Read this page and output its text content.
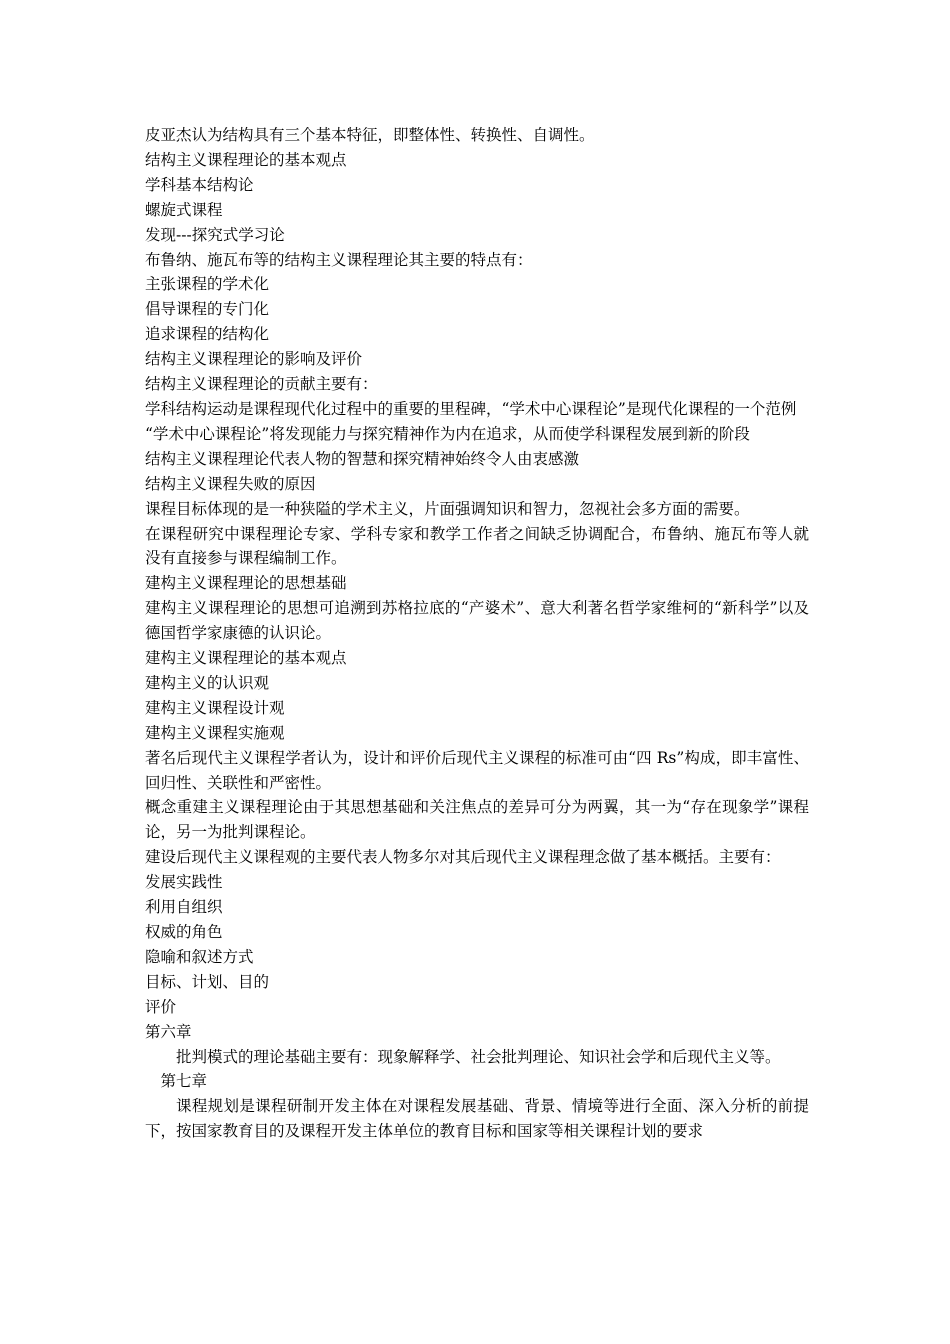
皮亚杰认为结构具有三个基本特征，即整体性、转换性、自调性。

结构主义课程理论的基本观点

学科基本结构论

螺旋式课程

发现---探究式学习论

布鲁纳、施瓦布等的结构主义课程理论其主要的特点有：

主张课程的学术化

倡导课程的专门化

追求课程的结构化

结构主义课程理论的影响及评价

结构主义课程理论的贡献主要有：

学科结构运动是课程现代化过程中的重要的里程碑，“学术中心课程论”是现代化课程的一个范例

“学术中心课程论”将发现能力与探究精神作为内在追求，从而使学科课程发展到新的阶段

结构主义课程理论代表人物的智慧和探究精神始终令人由衷感激

结构主义课程失败的原因

课程目标体现的是一种狭隘的学术主义，片面强调知识和智力，忽视社会多方面的需要。

在课程研究中课程理论专家、学科专家和教学工作者之间缺乏协调配合，布鲁纳、施瓦布等人就没有直接参与课程编制工作。

建构主义课程理论的思想基础

建构主义课程理论的思想可追溯到苏格拉底的“产婆术”、意大利著名哲学家维柯的“新科学”以及德国哲学家康德的认识论。

建构主义课程理论的基本观点

建构主义的认识观

建构主义课程设计观

建构主义课程实施观

著名后现代主义课程学者认为，设计和评价后现代主义课程的标准可由“四 Rs”构成，即丰富性、回归性、关联性和严密性。

概念重建主义课程理论由于其思想基础和关注焦点的差异可分为两翼，其一为“存在现象学”课程论，另一为批判课程论。

建设后现代主义课程观的主要代表人物多尔对其后现代主义课程理念做了基本概括。主要有：

发展实践性

利用自组织

权威的角色

隐喻和叙述方式

目标、计划、目的

评价

第六章

批判模式的理论基础主要有：现象解释学、社会批判理论、知识社会学和后现代主义等。

第七章

课程规划是课程研制开发主体在对课程发展基础、背景、情境等进行全面、深入分析的前提下，按国家教育目的及课程开发主体单位的教育目标和国家等相关课程计划的要求
